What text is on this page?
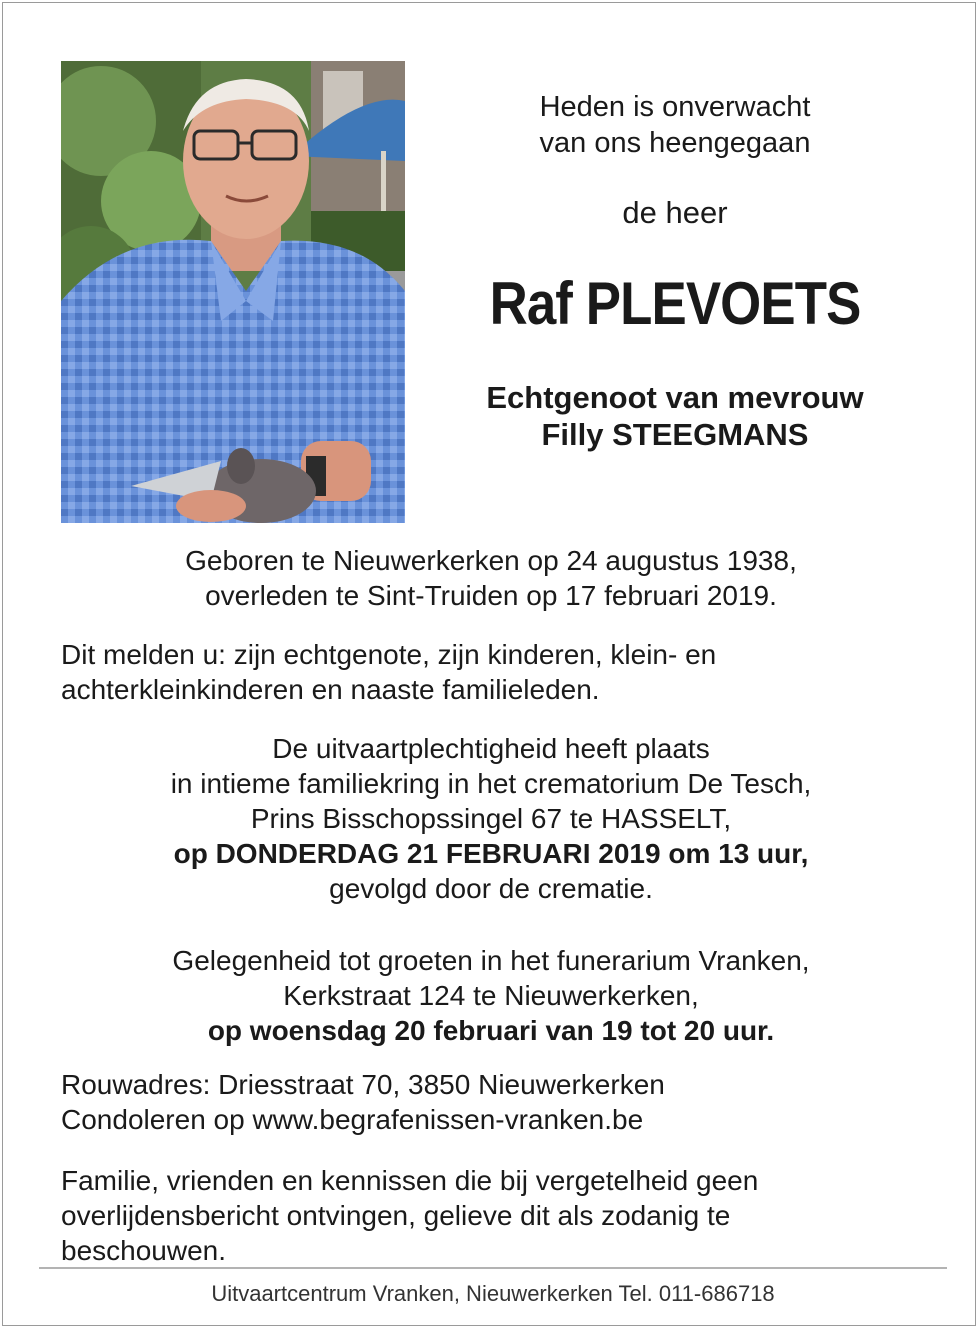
Heden is onverwacht
van ons heengegaan

de heer

Raf PLEVOETS

Echtgenoot van mevrouw
Filly STEEGMANS

Geboren te Nieuwerkerken op 24 augustus 1938,
overleden te Sint-Truiden op 17 februari 2019.
Dit melden u: zijn echtgenote, zijn kinderen, klein- en
achterkleinkinderen en naaste familieleden.
De uitvaartplechtigheid heeft plaats
in intieme familiekring in het crematorium De Tesch,
Prins Bisschopssingel 67 te HASSELT,
op DONDERDAG 21 FEBRUARI 2019 om 13 uur,
gevolgd door de crematie.
Gelegenheid tot groeten in het funerarium Vranken,
Kerkstraat 124 te Nieuwerkerken,
op woensdag 20 februari van 19 tot 20 uur.
Rouwadres: Driesstraat 70, 3850 Nieuwerkerken
Condoleren op www.begrafenissen-vranken.be
Familie, vrienden en kennissen die bij vergetelheid geen
overlijdensbericht ontvingen, gelieve dit als zodanig te
beschouwen.
Uitvaartcentrum Vranken, Nieuwerkerken Tel. 011-686718
